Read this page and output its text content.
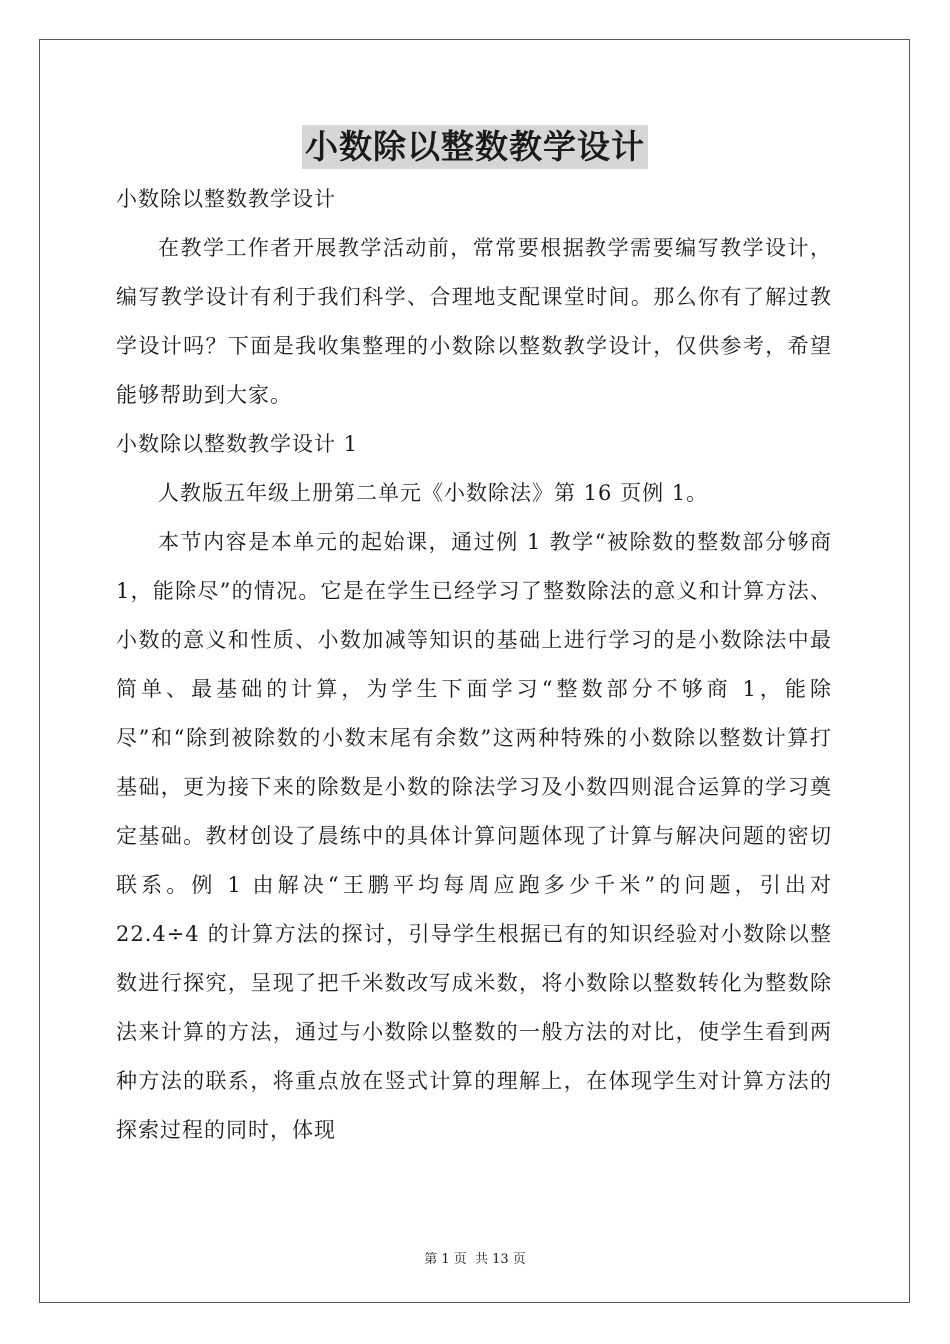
小数除以整数教学设计

小数除以整数教学设计

在教学工作者开展教学活动前，常常要根据教学需要编写教学设计，编写教学设计有利于我们科学、合理地支配课堂时间。那么你有了解过教学设计吗？下面是我收集整理的小数除以整数教学设计，仅供参考，希望能够帮助到大家。

小数除以整数教学设计 1

人教版五年级上册第二单元《小数除法》第 16 页例 1。

本节内容是本单元的起始课，通过例 1 教学“被除数的整数部分够商 1，能除尽”的情况。它是在学生已经学习了整数除法的意义和计算方法、小数的意义和性质、小数加减等知识的基础上进行学习的是小数除法中最简单、最基础的计算，为学生下面学习“整数部分不够商 1，能除尽”和“除到被除数的小数末尾有余数”这两种特殊的小数除以整数计算打基础，更为接下来的除数是小数的除法学习及小数四则混合运算的学习奠定基础。教材创设了晨练中的具体计算问题体现了计算与解决问题的密切联系。例 1 由解决“王鹏平均每周应跑多少千米”的问题，引出对 22.4÷4 的计算方法的探讨，引导学生根据已有的知识经验对小数除以整数进行探究，呈现了把千米数改写成米数，将小数除以整数转化为整数除法来计算的方法，通过与小数除以整数的一般方法的对比，使学生看到两种方法的联系，将重点放在竖式计算的理解上，在体现学生对计算方法的探索过程的同时，体现

第 1 页 共 13 页
